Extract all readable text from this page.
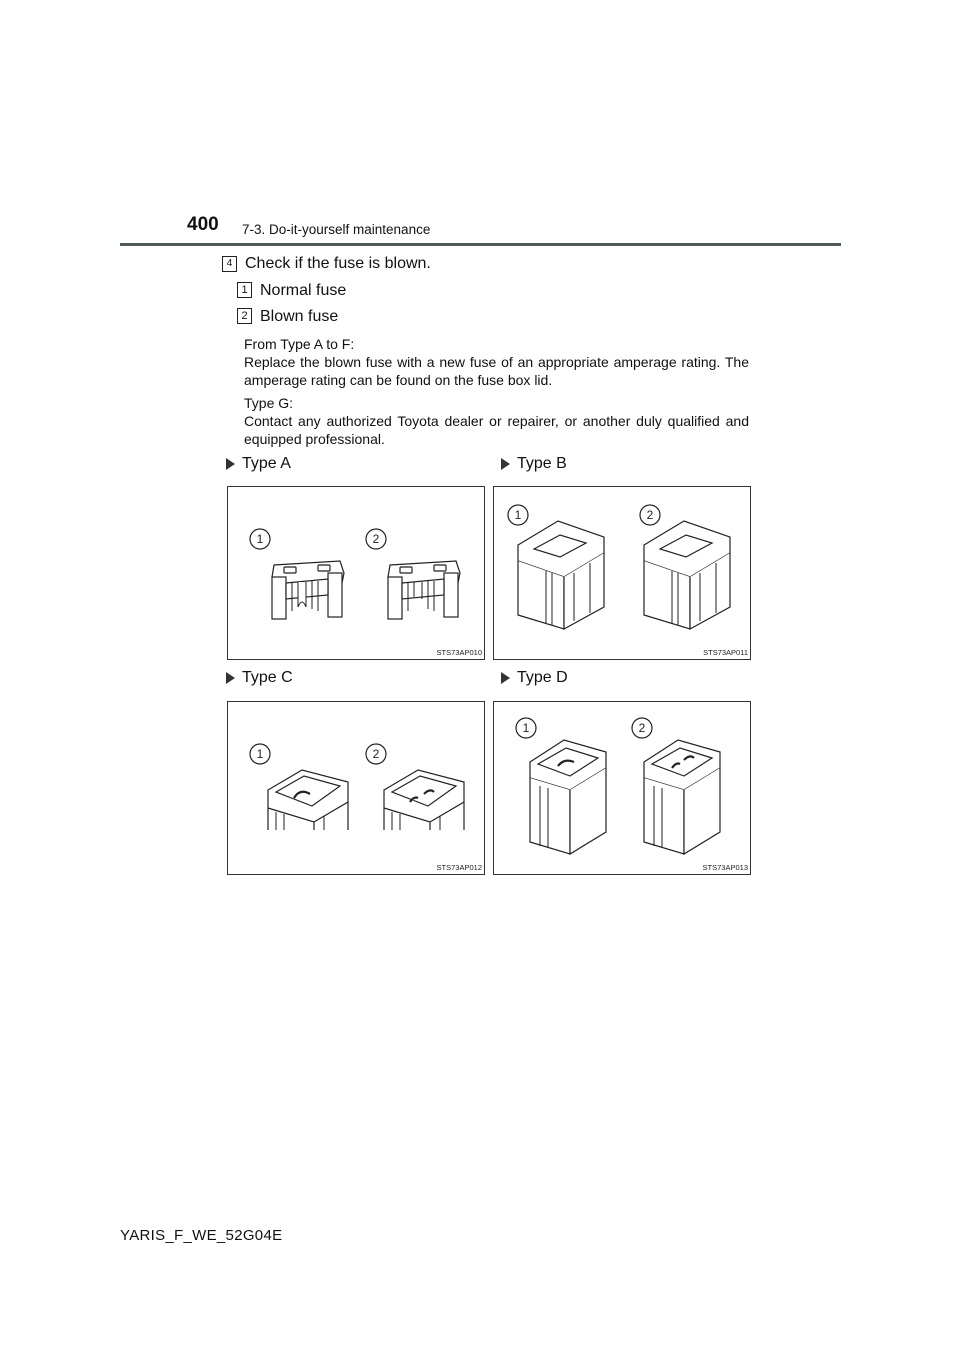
400 7-3. Do-it-yourself maintenance
4 Check if the fuse is blown.
1 Normal fuse
2 Blown fuse
From Type A to F:
Replace the blown fuse with a new fuse of an appropriate amperage rating. The amperage rating can be found on the fuse box lid.
Type G:
Contact any authorized Toyota dealer or repairer, or another duly qualified and equipped professional.
Type A	Type B
Type C	Type D
1	2
STS73AP010
1	2
STS73AP011
1	2
STS73AP012
1	2
STS73AP013
YARIS_F_WE_52G04E
